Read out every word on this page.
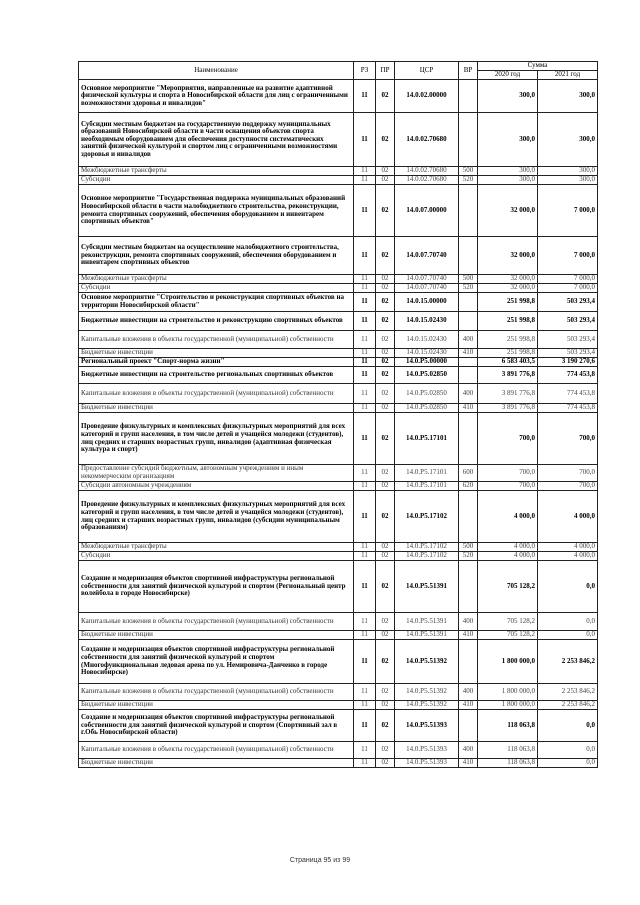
Наименование	РЗ	ПР	ЦСР	ВР	Сумма	
					2020 год	2021 год
Основное мероприятие "Мероприятия, направленные на развитие адаптивной физической культуры и спорта в Новосибирской области для лиц с ограниченными возможностями здоровья и инвалидов"	11	02	14.0.02.00000		300,0	300,0
Субсидии местным бюджетам на государственную поддержку муниципальных образований Новосибирской области в части оснащения объектов спорта необходимым оборудованием для обеспечения доступности систематических занятий физической культурой и спортом лиц с ограниченными возможностями здоровья и инвалидов	11	02	14.0.02.70680		300,0	300,0
Межбюджетные трансферты	11	02	14.0.02.70680	500	300,0	300,0
Субсидии	11	02	14.0.02.70680	520	300,0	300,0
Основное мероприятие "Государственная поддержка муниципальных образований Новосибирской области в части малобюджетного строительства, реконструкции, ремонта спортивных сооружений, обеспечения оборудованием и инвентарем спортивных объектов"	11	02	14.0.07.00000		32 000,0	7 000,0
Субсидии местным бюджетам на осуществление малобюджетного строительства, реконструкции, ремонта спортивных сооружений, обеспечения оборудованием и инвентарем спортивных объектов	11	02	14.0.07.70740		32 000,0	7 000,0
Межбюджетные трансферты	11	02	14.0.07.70740	500	32 000,0	7 000,0
Субсидии	11	02	14.0.07.70740	520	32 000,0	7 000,0
Основное мероприятие "Строительство и реконструкция спортивных объектов на территории Новосибирской области"	11	02	14.0.15.00000		251 998,8	503 293,4
Бюджетные инвестиции на строительство и реконструкцию спортивных объектов	11	02	14.0.15.02430		251 998,8	503 293,4
Капитальные вложения в объекты государственной (муниципальной) собственности	11	02	14.0.15.02430	400	251 998,8	503 293,4
Бюджетные инвестиции	11	02	14.0.15.02430	410	251 998,8	503 293,4
Региональный проект "Спорт-норма жизни"	11	02	14.0.P5.00000		6 583 403,5	3 190 270,6
Бюджетные инвестиции на строительство региональных спортивных объектов	11	02	14.0.P5.02850		3 891 776,8	774 453,8
Капитальные вложения в объекты государственной (муниципальной) собственности	11	02	14.0.P5.02850	400	3 891 776,8	774 453,8
Бюджетные инвестиции	11	02	14.0.P5.02850	410	3 891 776,8	774 453,8
Проведение физкультурных и комплексных физкультурных мероприятий для всех категорий и групп населения, в том числе детей и учащейся молодежи (студентов), лиц средних и старших возрастных групп, инвалидов (адаптивная физическая культура и спорт)	11	02	14.0.P5.17101		700,0	700,0
Предоставление субсидий бюджетным, автономным учреждениям и иным некоммерческим организациям	11	02	14.0.P5.17101	600	700,0	700,0
Субсидии автономным учреждениям	11	02	14.0.P5.17101	620	700,0	700,0
Проведение физкультурных и комплексных физкультурных мероприятий для всех категорий и групп населения, в том числе детей и учащейся молодежи (студентов), лиц средних и старших возрастных групп, инвалидов (субсидии муниципальным образованиям)	11	02	14.0.P5.17102		4 000,0	4 000,0
Межбюджетные трансферты	11	02	14.0.P5.17102	500	4 000,0	4 000,0
Субсидии	11	02	14.0.P5.17102	520	4 000,0	4 000,0
Создание и модернизация объектов спортивной инфраструктуры региональной собственности для занятий физической культурой и спортом (Региональный центр волейбола в городе Новосибирске)	11	02	14.0.P5.51391		705 128,2	0,0
Капитальные вложения в объекты государственной (муниципальной) собственности	11	02	14.0.P5.51391	400	705 128,2	0,0
Бюджетные инвестиции	11	02	14.0.P5.51391	410	705 128,2	0,0
Создание и модернизация объектов спортивной инфраструктуры региональной собственности для занятий физической культурой и спортом (Многофункциональная ледовая арена по ул. Немировича-Данченко в городе Новосибирске)	11	02	14.0.P5.51392		1 800 000,0	2 253 846,2
Капитальные вложения в объекты государственной (муниципальной) собственности	11	02	14.0.P5.51392	400	1 800 000,0	2 253 846,2
Бюджетные инвестиции	11	02	14.0.P5.51392	410	1 800 000,0	2 253 846,2
Создание и модернизация объектов спортивной инфраструктуры региональной собственности для занятий физической культурой и спортом (Спортивный зал в г.Обь Новосибирской области)	11	02	14.0.P5.51393		118 063,8	0,0
Капитальные вложения в объекты государственной (муниципальной) собственности	11	02	14.0.P5.51393	400	118 063,8	0,0
Бюджетные инвестиции	11	02	14.0.P5.51393	410	118 063,8	0,0
Страница 95 из 99
